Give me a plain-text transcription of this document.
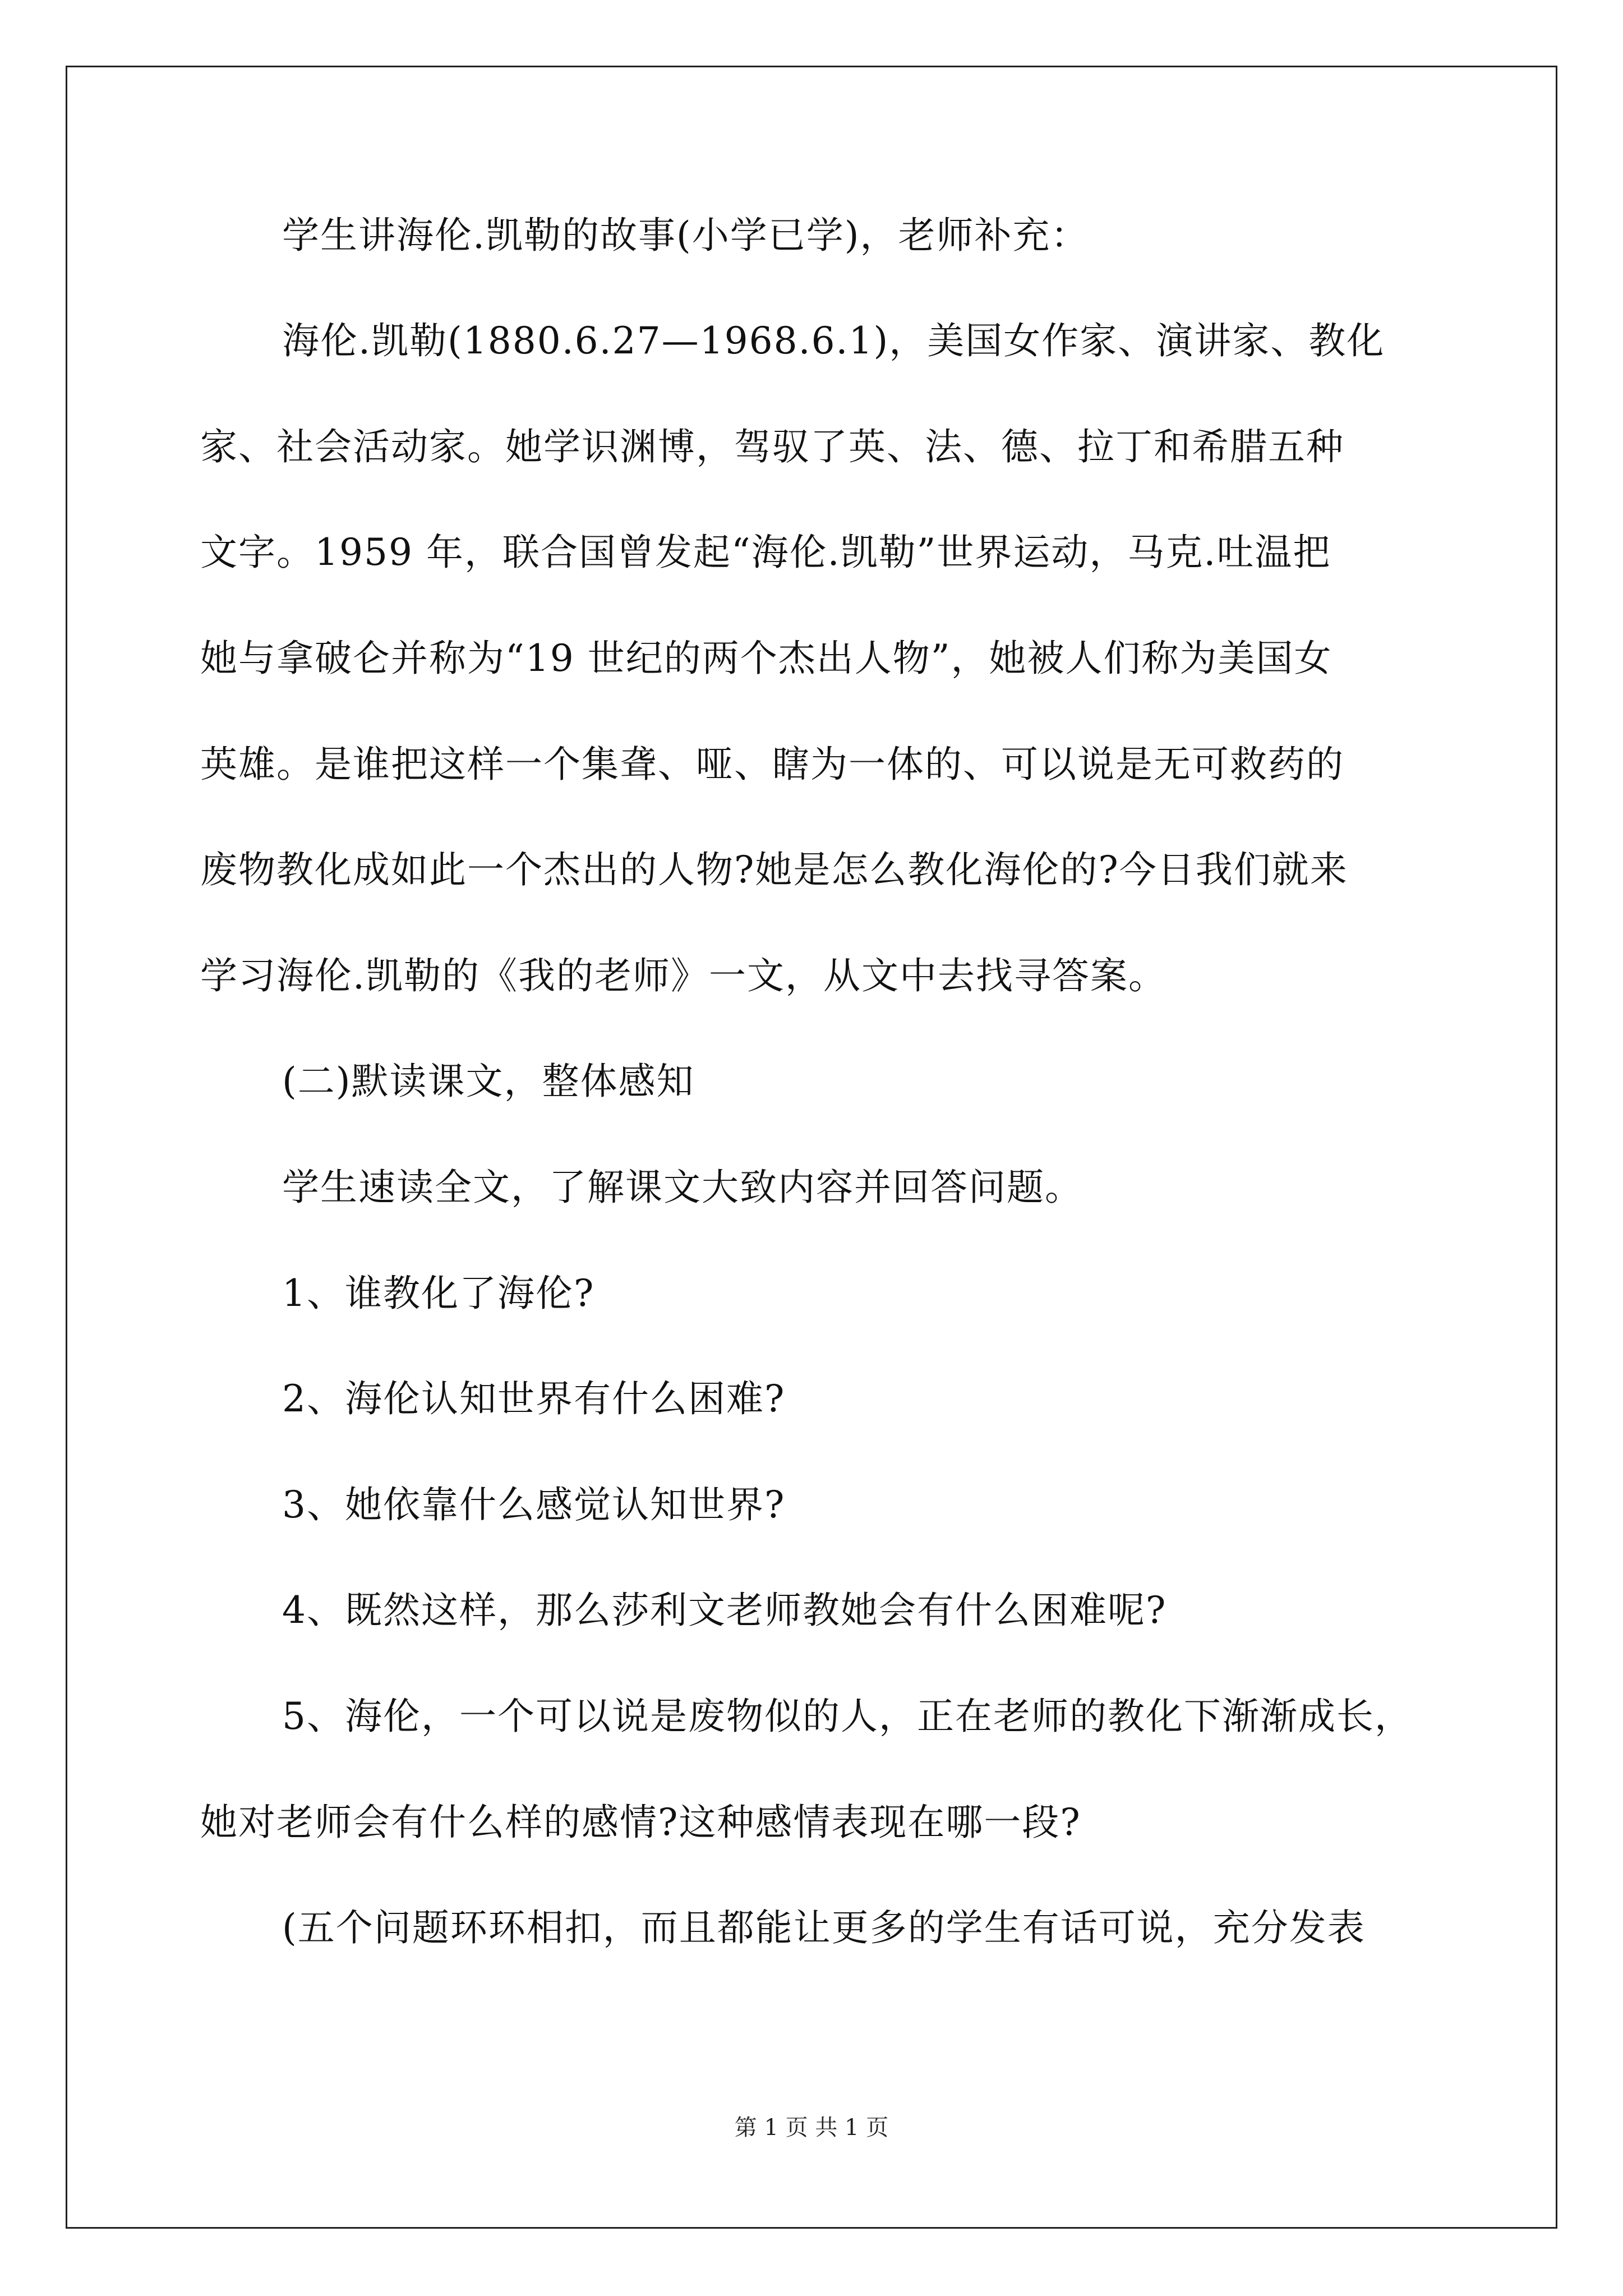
学生讲海伦.凯勒的故事(小学已学)，老师补充：
海伦.凯勒(1880.6.27—1968.6.1)，美国女作家、演讲家、教化
家、社会活动家。她学识渊博，驾驭了英、法、德、拉丁和希腊五种
文字。1959 年，联合国曾发起“海伦.凯勒”世界运动，马克.吐温把
她与拿破仑并称为“19 世纪的两个杰出人物”，她被人们称为美国女
英雄。是谁把这样一个集聋、哑、瞎为一体的、可以说是无可救药的
废物教化成如此一个杰出的人物?她是怎么教化海伦的?今日我们就来
学习海伦.凯勒的《我的老师》一文，从文中去找寻答案。
(二)默读课文，整体感知
学生速读全文，了解课文大致内容并回答问题。
1、谁教化了海伦?
2、海伦认知世界有什么困难?
3、她依靠什么感觉认知世界?
4、既然这样，那么莎利文老师教她会有什么困难呢?
5、海伦，一个可以说是废物似的人，正在老师的教化下渐渐成长，
她对老师会有什么样的感情?这种感情表现在哪一段?
(五个问题环环相扣，而且都能让更多的学生有话可说，充分发表
第 1 页 共 1 页
